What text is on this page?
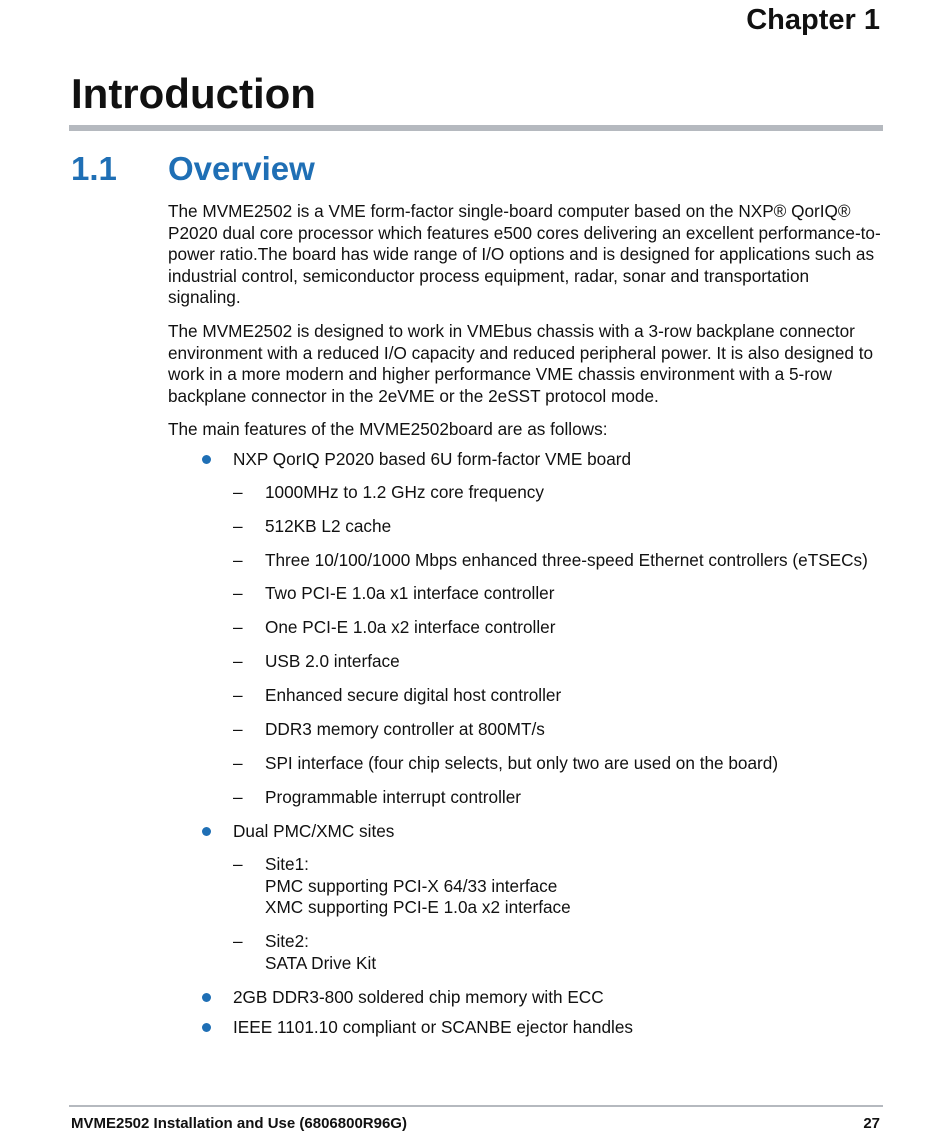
Chapter 1
Introduction
1.1 Overview

The MVME2502 is a VME form-factor single-board computer based on the NXP® QorIQ® P2020 dual core processor which features e500 cores delivering an excellent performance-to-power ratio.The board has wide range of I/O options and is designed for applications such as industrial control, semiconductor process equipment, radar, sonar and transportation signaling.

The MVME2502 is designed to work in VMEbus chassis with a 3-row backplane connector environment with a reduced I/O capacity and reduced peripheral power. It is also designed to work in a more modern and higher performance VME chassis environment with a 5-row backplane connector in the 2eVME or the 2eSST protocol mode.

The main features of the MVME2502board are as follows:

NXP QorIQ P2020 based 6U form-factor VME board
– 1000MHz to 1.2 GHz core frequency
– 512KB L2 cache
– Three 10/100/1000 Mbps enhanced three-speed Ethernet controllers (eTSECs)
– Two PCI-E 1.0a x1 interface controller
– One PCI-E 1.0a x2 interface controller
– USB 2.0 interface
– Enhanced secure digital host controller
– DDR3 memory controller at 800MT/s
– SPI interface (four chip selects, but only two are used on the board)
– Programmable interrupt controller
Dual PMC/XMC sites
– Site1:
PMC supporting PCI-X 64/33 interface
XMC supporting PCI-E 1.0a x2 interface
– Site2:
SATA Drive Kit
2GB DDR3-800 soldered chip memory with ECC
IEEE 1101.10 compliant or SCANBE ejector handles
MVME2502 Installation and Use (6806800R96G)	27
